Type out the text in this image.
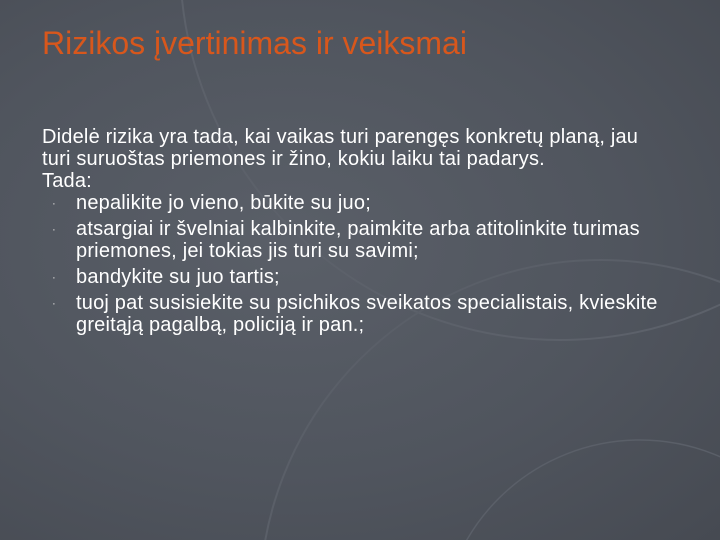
Rizikos įvertinimas ir veiksmai

Didelė rizika yra tada, kai vaikas turi parengęs konkretų planą, jau turi suruoštas priemones ir žino, kokiu laiku tai padarys.

Tada:

· nepalikite jo vieno, būkite su juo;
· atsargiai ir švelniai kalbinkite, paimkite arba atitolinkite turimas priemones, jei tokias jis turi su savimi;
· bandykite su juo tartis;
· tuoj pat susisiekite su psichikos sveikatos specialistais, kvieskite greitąją pagalbą, policiją ir pan.;
